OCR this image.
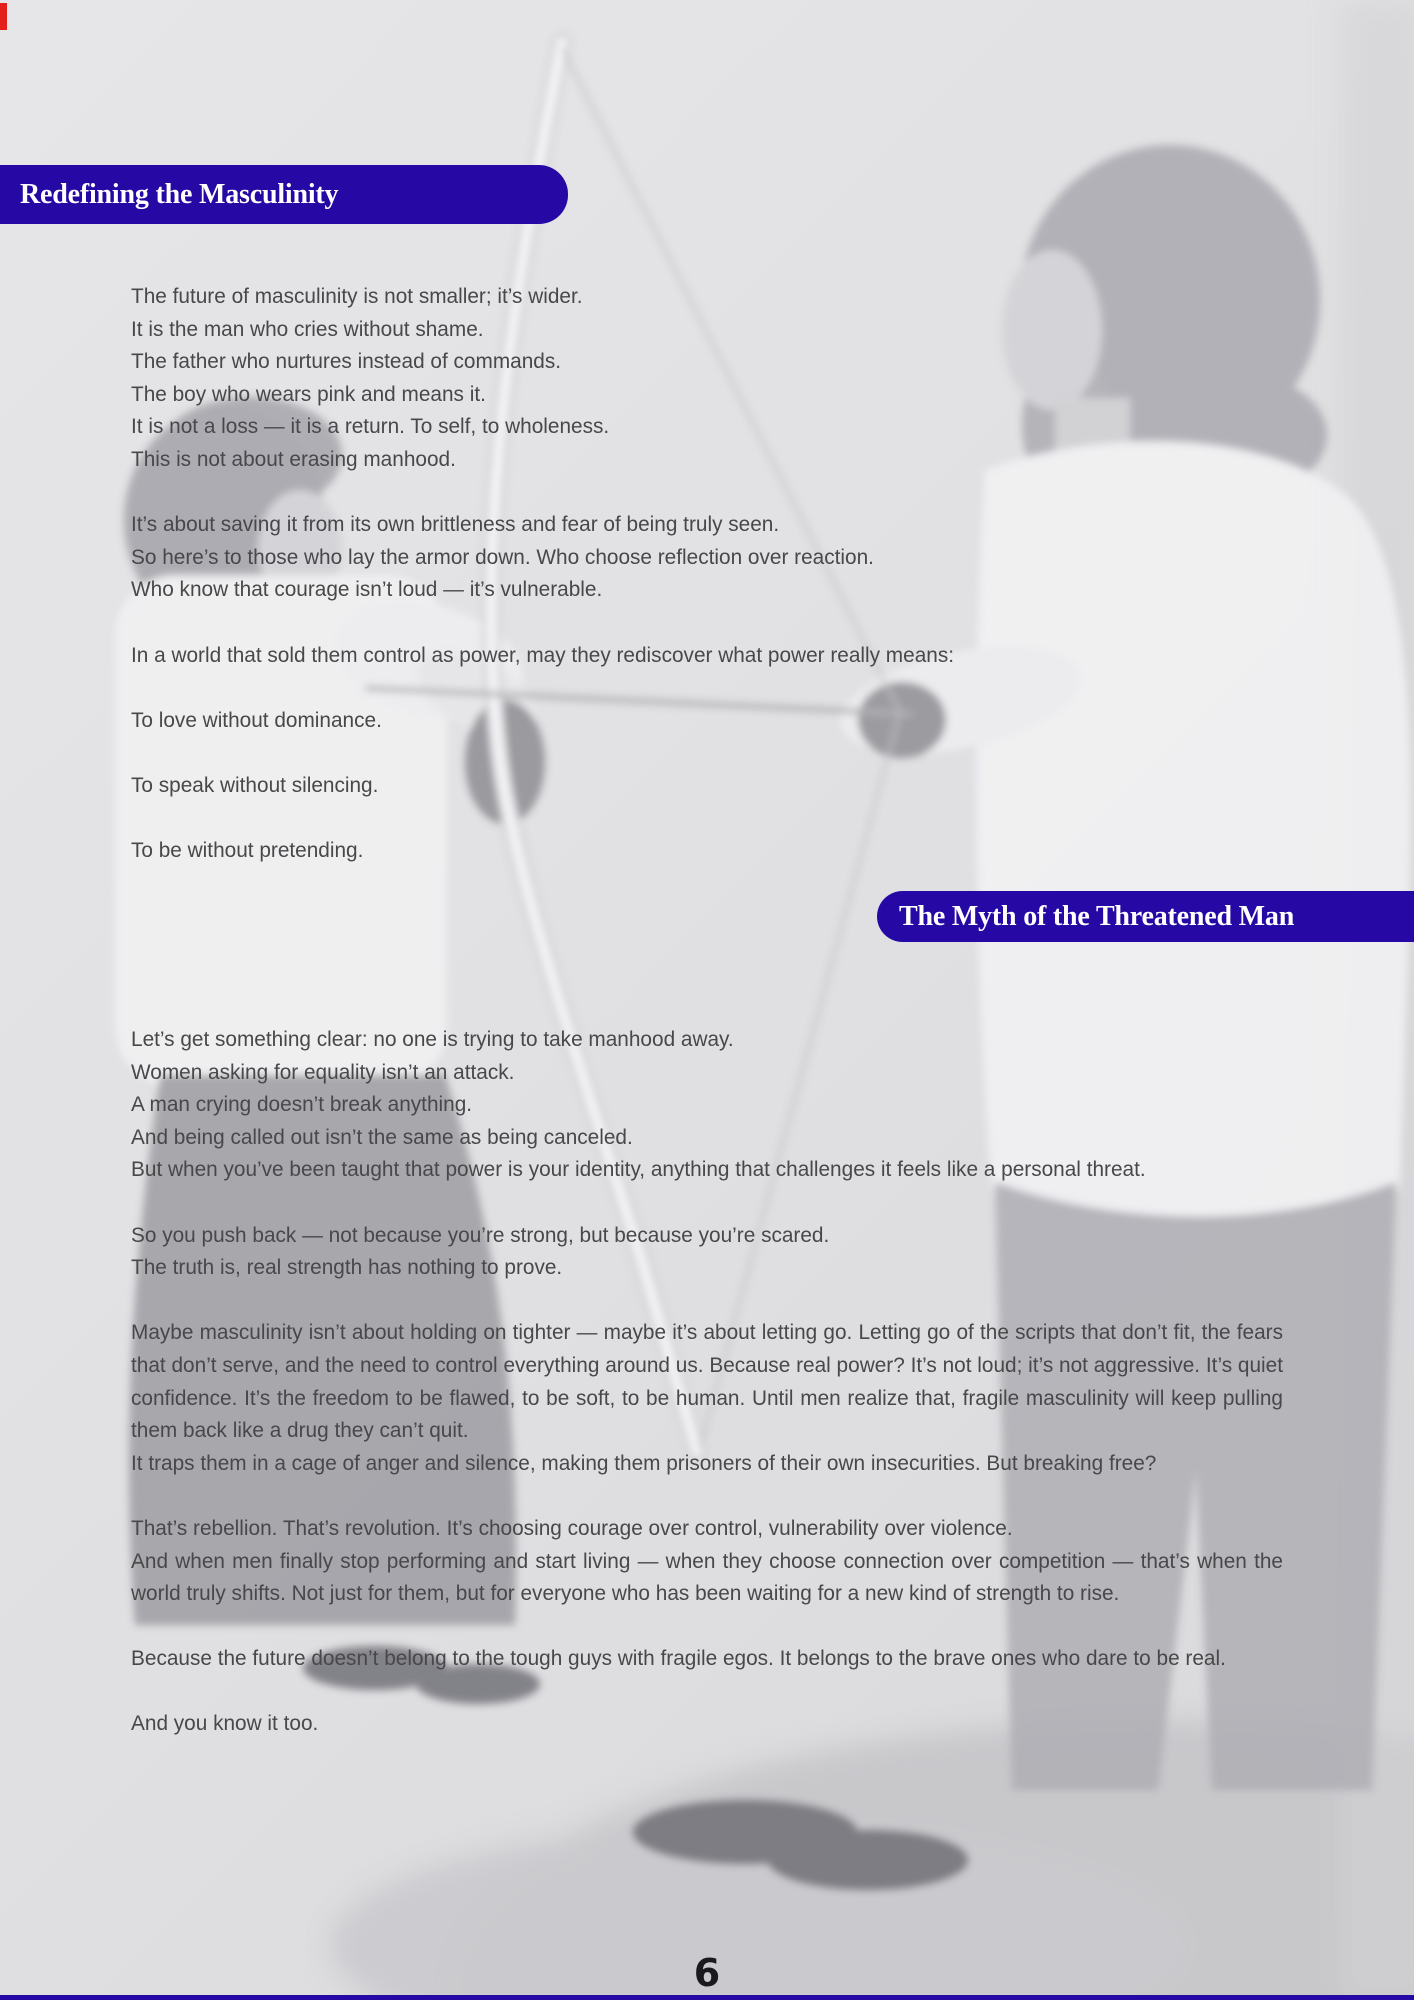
Redefining the Masculinity
The Myth of the Threatened Man
The future of masculinity is not smaller; it’s wider.
It is the man who cries without shame.
The father who nurtures instead of commands.
The boy who wears pink and means it.
It is not a loss — it is a return. To self, to wholeness.
This is not about erasing manhood.
It’s about saving it from its own brittleness and fear of being truly seen.
So here’s to those who lay the armor down. Who choose reflection over reaction.
Who know that courage isn’t loud — it’s vulnerable.
In a world that sold them control as power, may they rediscover what power really means:
To love without dominance.
To speak without silencing.
To be without pretending.
Let’s get something clear: no one is trying to take manhood away.
Women asking for equality isn’t an attack.
A man crying doesn’t break anything.
And being called out isn’t the same as being canceled.
But when you’ve been taught that power is your identity, anything that challenges it feels like a personal threat.
So you push back — not because you’re strong, but because you’re scared.
The truth is, real strength has nothing to prove.
Maybe masculinity isn’t about holding on tighter — maybe it’s about letting go. Letting go of the scripts that don’t fit, the fears that don’t serve, and the need to control everything around us. Because real power? It’s not loud; it’s not aggressive. It’s quiet confidence. It’s the freedom to be flawed, to be soft, to be human. Until men realize that, fragile masculinity will keep pulling them back like a drug they can’t quit.
It traps them in a cage of anger and silence, making them prisoners of their own insecurities. But breaking free?
That’s rebellion. That’s revolution. It’s choosing courage over control, vulnerability over violence.
And when men finally stop performing and start living — when they choose connection over competition — that’s when the world truly shifts. Not just for them, but for everyone who has been waiting for a new kind of strength to rise.
Because the future doesn’t belong to the tough guys with fragile egos. It belongs to the brave ones who dare to be real.
And you know it too.
6
